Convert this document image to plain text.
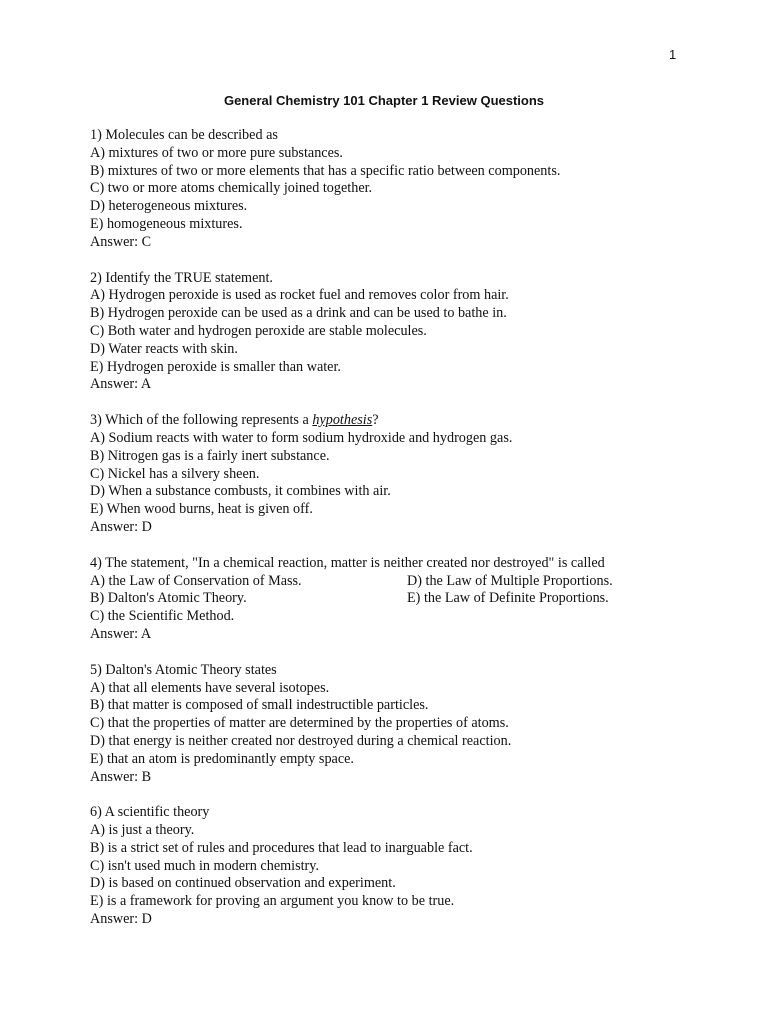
1
General Chemistry 101 Chapter 1 Review Questions
1) Molecules can be described as
A) mixtures of two or more pure substances.
B) mixtures of two or more elements that has a specific ratio between components.
C) two or more atoms chemically joined together.
D) heterogeneous mixtures.
E) homogeneous mixtures.
Answer: C
2) Identify the TRUE statement.
A) Hydrogen peroxide is used as rocket fuel and removes color from hair.
B) Hydrogen peroxide can be used as a drink and can be used to bathe in.
C) Both water and hydrogen peroxide are stable molecules.
D) Water reacts with skin.
E) Hydrogen peroxide is smaller than water.
Answer: A
3) Which of the following represents a hypothesis?
A) Sodium reacts with water to form sodium hydroxide and hydrogen gas.
B) Nitrogen gas is a fairly inert substance.
C) Nickel has a silvery sheen.
D) When a substance combusts, it combines with air.
E) When wood burns, heat is given off.
Answer: D
4) The statement, "In a chemical reaction, matter is neither created nor destroyed" is called
A) the Law of Conservation of Mass.	D) the Law of Multiple Proportions.
B) Dalton's Atomic Theory.	E) the Law of Definite Proportions.
C) the Scientific Method.
Answer: A
5) Dalton's Atomic Theory states
A) that all elements have several isotopes.
B) that matter is composed of small indestructible particles.
C) that the properties of matter are determined by the properties of atoms.
D) that energy is neither created nor destroyed during a chemical reaction.
E) that an atom is predominantly empty space.
Answer: B
6) A scientific theory
A) is just a theory.
B) is a strict set of rules and procedures that lead to inarguable fact.
C) isn't used much in modern chemistry.
D) is based on continued observation and experiment.
E) is a framework for proving an argument you know to be true.
Answer: D
